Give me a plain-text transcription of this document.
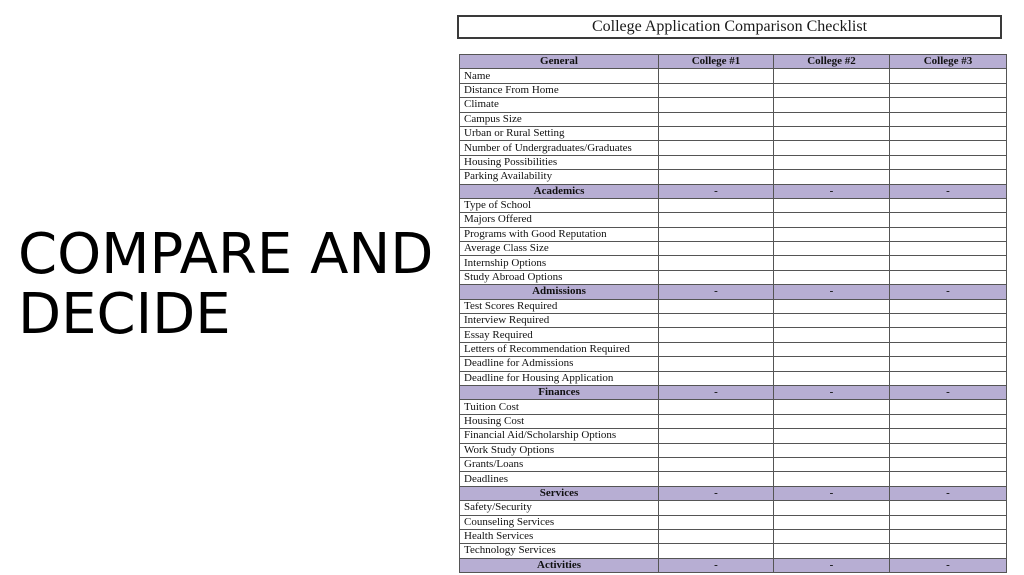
COMPARE AND DECIDE
College Application Comparison Checklist
General	College #1	College #2	College #3
Name			
Distance From Home			
Climate			
Campus Size			
Urban or Rural Setting			
Number of Undergraduates/Graduates			
Housing Possibilities			
Parking Availability			
Academics	-	-	-
Type of School			
Majors Offered			
Programs with Good Reputation			
Average Class Size			
Internship Options			
Study Abroad Options			
Admissions	-	-	-
Test Scores Required			
Interview Required			
Essay Required			
Letters of Recommendation Required			
Deadline for Admissions			
Deadline for Housing Application			
Finances	-	-	-
Tuition Cost			
Housing Cost			
Financial Aid/Scholarship Options			
Work Study Options			
Grants/Loans			
Deadlines			
Services	-	-	-
Safety/Security			
Counseling Services			
Health Services			
Technology Services			
Activities	-	-	-
